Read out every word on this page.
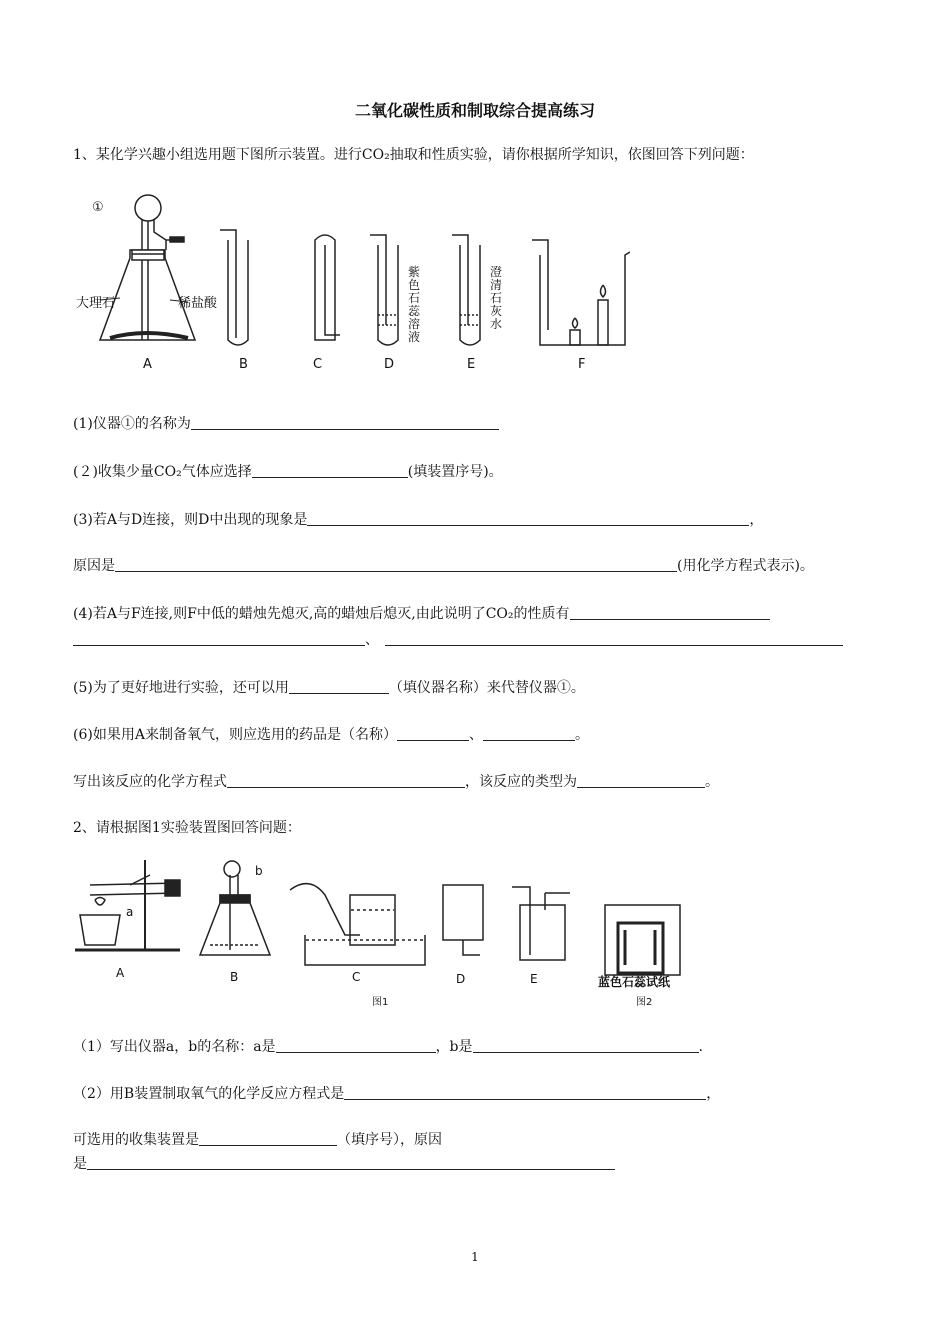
二氧化碳性质和制取综合提高练习
1、某化学兴趣小组选用题下图所示装置。进行CO₂抽取和性质实验，请你根据所学知识，依图回答下列问题：
①
大理石	稀盐酸
紫色石蕊溶液
澄清石灰水
A	B	C	D	E	F
(1)仪器①的名称为
(２)收集少量CO₂气体应选择	(填装置序号)。
(3)若A与D连接，则D中出现的现象是	，
原因是	(用化学方程式表示)。
(4)若A与F连接,则F中低的蜡烛先熄灭,高的蜡烛后熄灭,由此说明了CO₂的性质有
、
(5)为了更好地进行实验，还可以用	（填仪器名称）来代替仪器①。
(6)如果用A来制备氧气，则应选用的药品是（名称）	、	。
写出该反应的化学方程式	，该反应的类型为	。
2、请根据图1实验装置图回答问题：
a
b
A	B	C	D	E	蓝色石蕊试纸
图1	图2
（1）写出仪器a，b的名称：a是	，b是	.
（2）用B装置制取氧气的化学反应方程式是	，
可选用的收集装置是	（填序号），原因
是
1
